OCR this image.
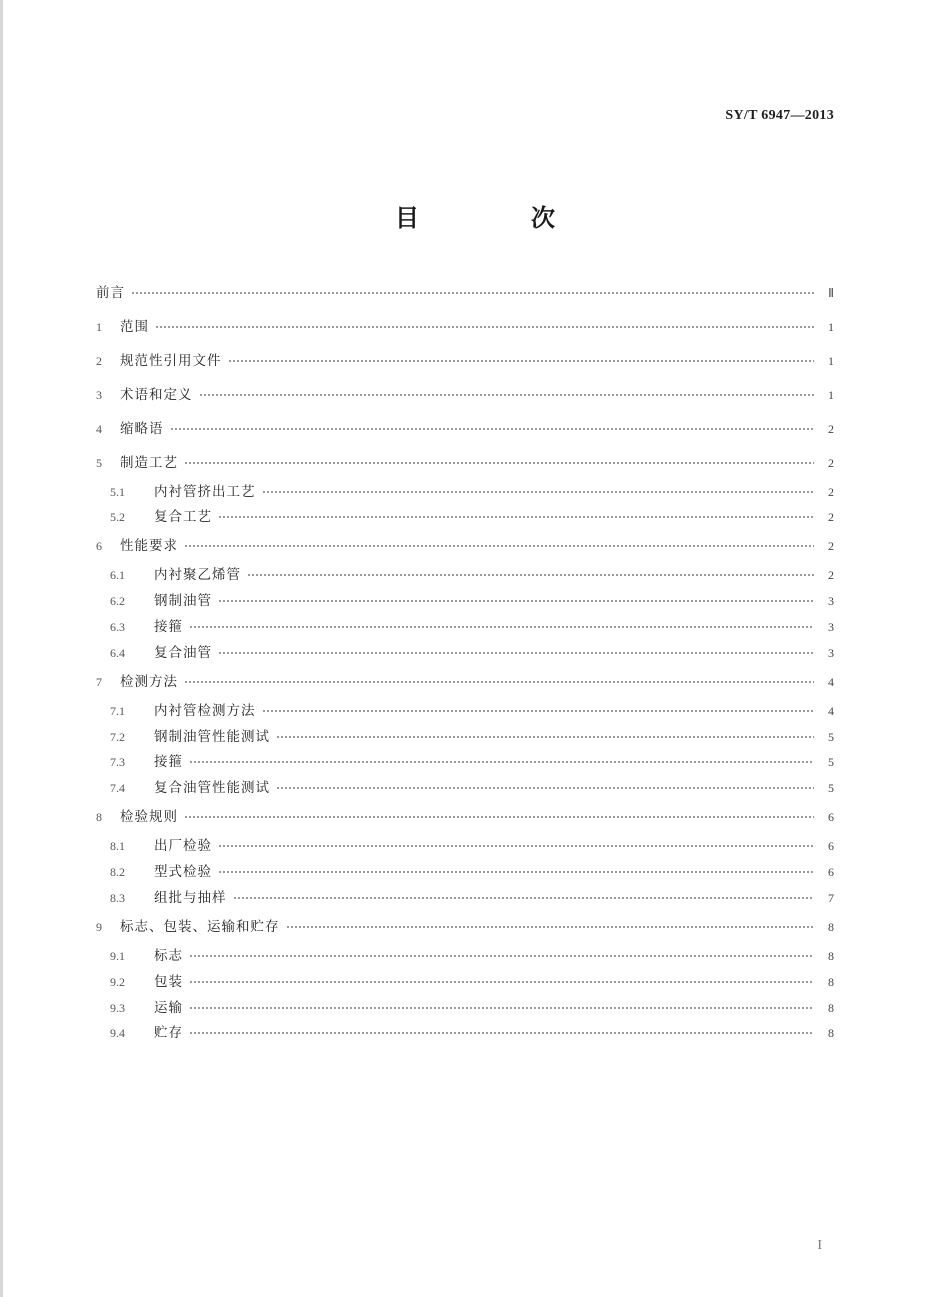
SY/T 6947—2013
目　次
前言	Ⅱ
1	范围	1
2	规范性引用文件	1
3	术语和定义	1
4	缩略语	2
5	制造工艺	2
5.1	内衬管挤出工艺	2
5.2	复合工艺	2
6	性能要求	2
6.1	内衬聚乙烯管	2
6.2	钢制油管	3
6.3	接箍	3
6.4	复合油管	3
7	检测方法	4
7.1	内衬管检测方法	4
7.2	钢制油管性能测试	5
7.3	接箍	5
7.4	复合油管性能测试	5
8	检验规则	6
8.1	出厂检验	6
8.2	型式检验	6
8.3	组批与抽样	7
9	标志、包装、运输和贮存	8
9.1	标志	8
9.2	包装	8
9.3	运输	8
9.4	贮存	8
I
